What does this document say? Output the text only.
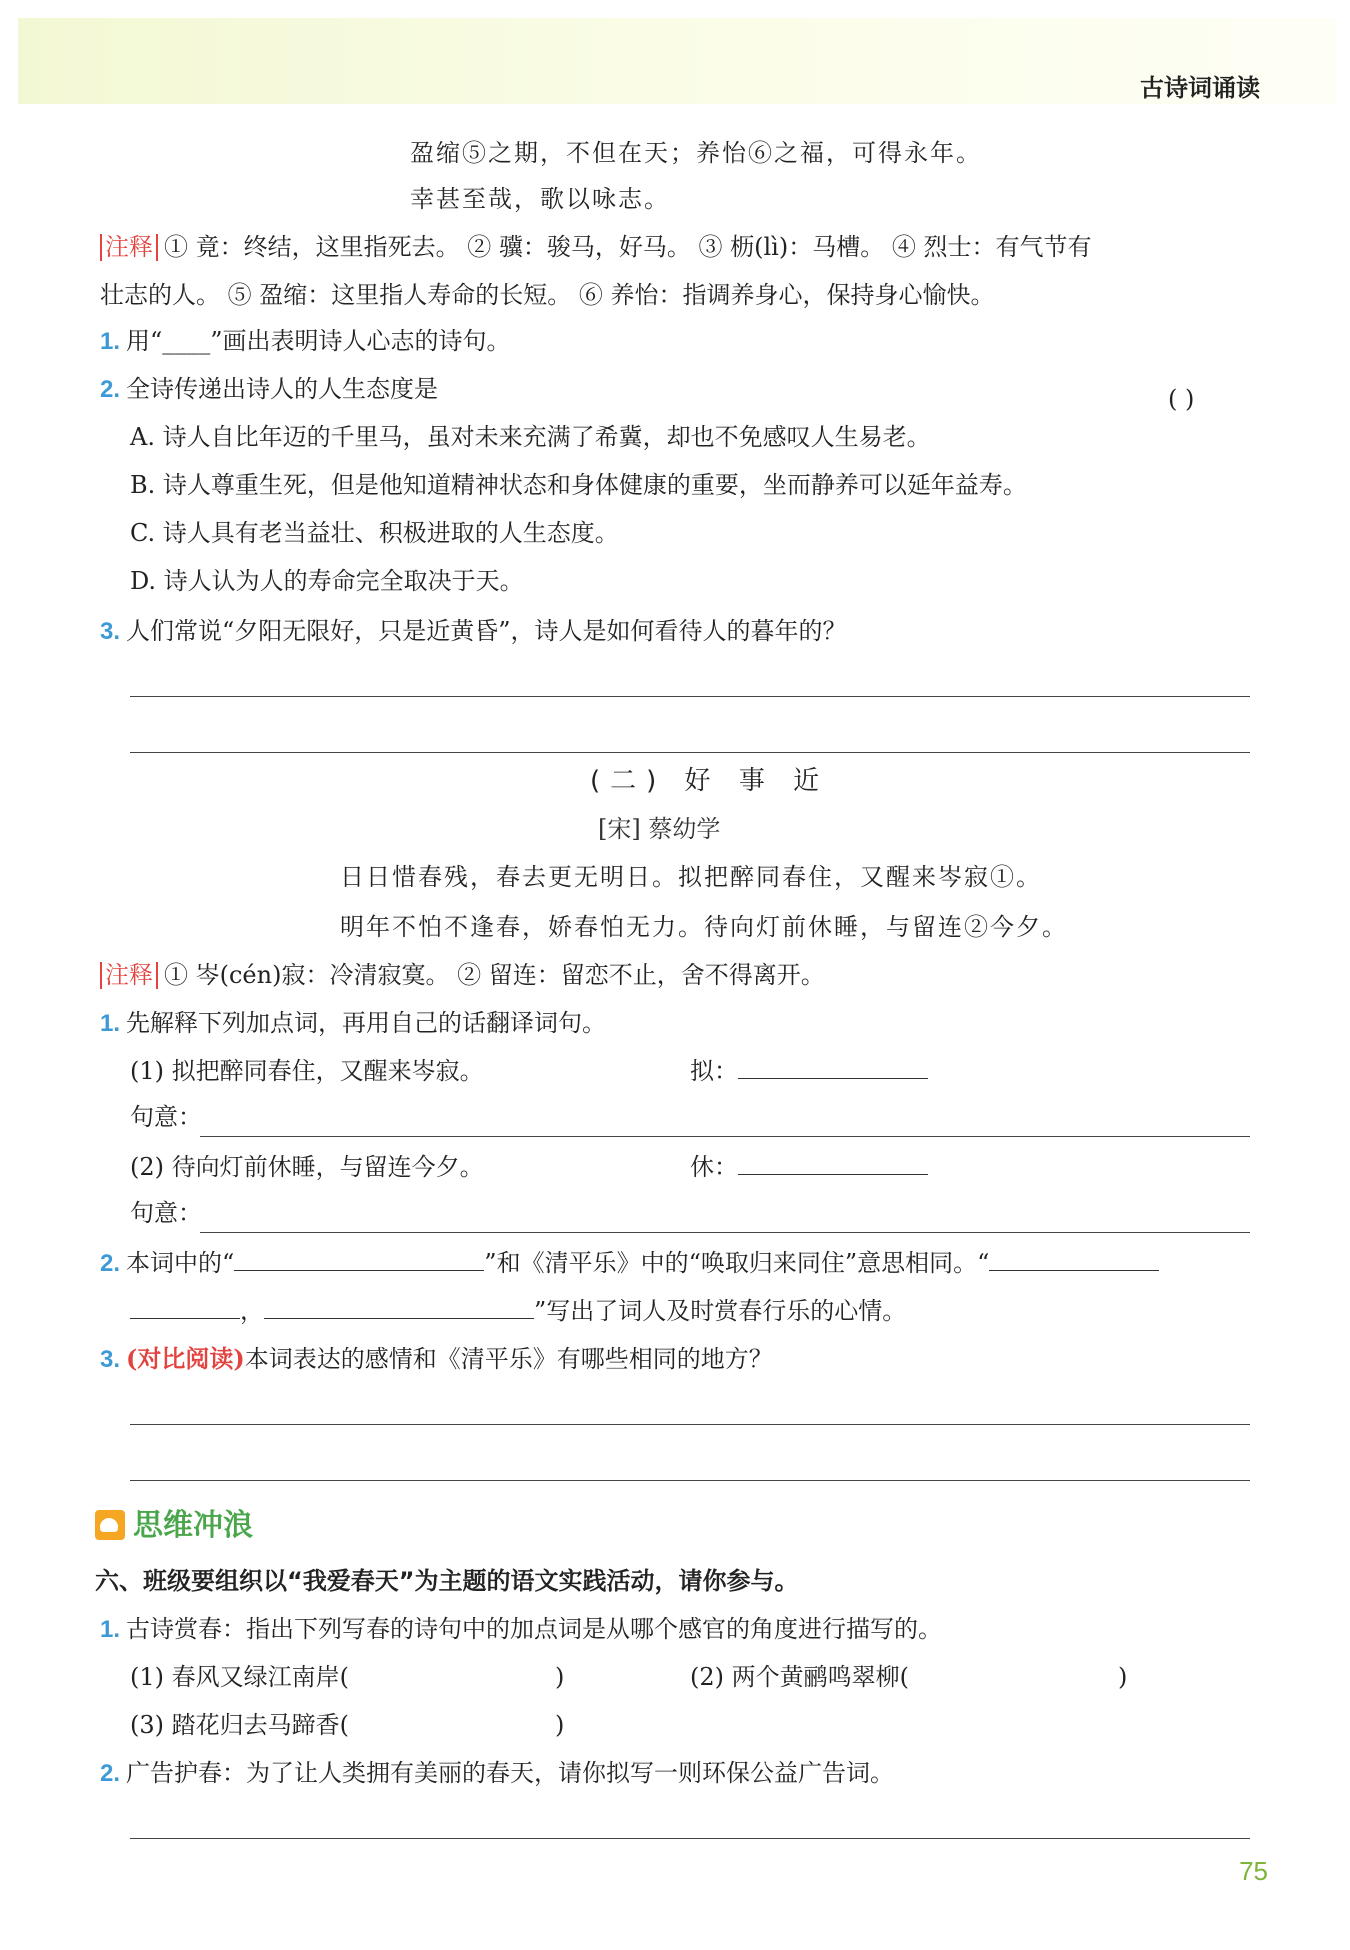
古诗词诵读
盈缩⑤之期，不但在天；养怡⑥之福，可得永年。
幸甚至哉，歌以咏志。
注释 ① 竟：终结，这里指死去。 ② 骥：骏马，好马。 ③ 枥(lì)：马槽。 ④ 烈士：有气节有
壮志的人。 ⑤ 盈缩：这里指人寿命的长短。 ⑥ 养怡：指调养身心，保持身心愉快。
1. 用“____”画出表明诗人心志的诗句。
2. 全诗传递出诗人的人生态度是	( )
A. 诗人自比年迈的千里马，虽对未来充满了希冀，却也不免感叹人生易老。
B. 诗人尊重生死，但是他知道精神状态和身体健康的重要，坐而静养可以延年益寿。
C. 诗人具有老当益壮、积极进取的人生态度。
D. 诗人认为人的寿命完全取决于天。
3. 人们常说“夕阳无限好，只是近黄昏”，诗人是如何看待人的暮年的？
(二) 好 事 近
[宋] 蔡幼学
日日惜春残，春去更无明日。拟把醉同春住，又醒来岑寂①。
明年不怕不逢春，娇春怕无力。待向灯前休睡，与留连②今夕。
注释 ① 岑(cén)寂：冷清寂寞。 ② 留连：留恋不止，舍不得离开。
1. 先解释下列加点词，再用自己的话翻译词句。
(1) 拟把醉同春住，又醒来岑寂。	拟：
句意：
(2) 待向灯前休睡，与留连今夕。	休：
句意：
2. 本词中的“	”和《清平乐》中的“唤取归来同住”意思相同。“
，	”写出了词人及时赏春行乐的心情。
3. (对比阅读)本词表达的感情和《清平乐》有哪些相同的地方？
思维冲浪
六、班级要组织以“我爱春天”为主题的语文实践活动，请你参与。
1. 古诗赏春：指出下列写春的诗句中的加点词是从哪个感官的角度进行描写的。
(1) 春风又绿江南岸(	)	(2) 两个黄鹂鸣翠柳(	)
(3) 踏花归去马蹄香(	)
2. 广告护春：为了让人类拥有美丽的春天，请你拟写一则环保公益广告词。
75
